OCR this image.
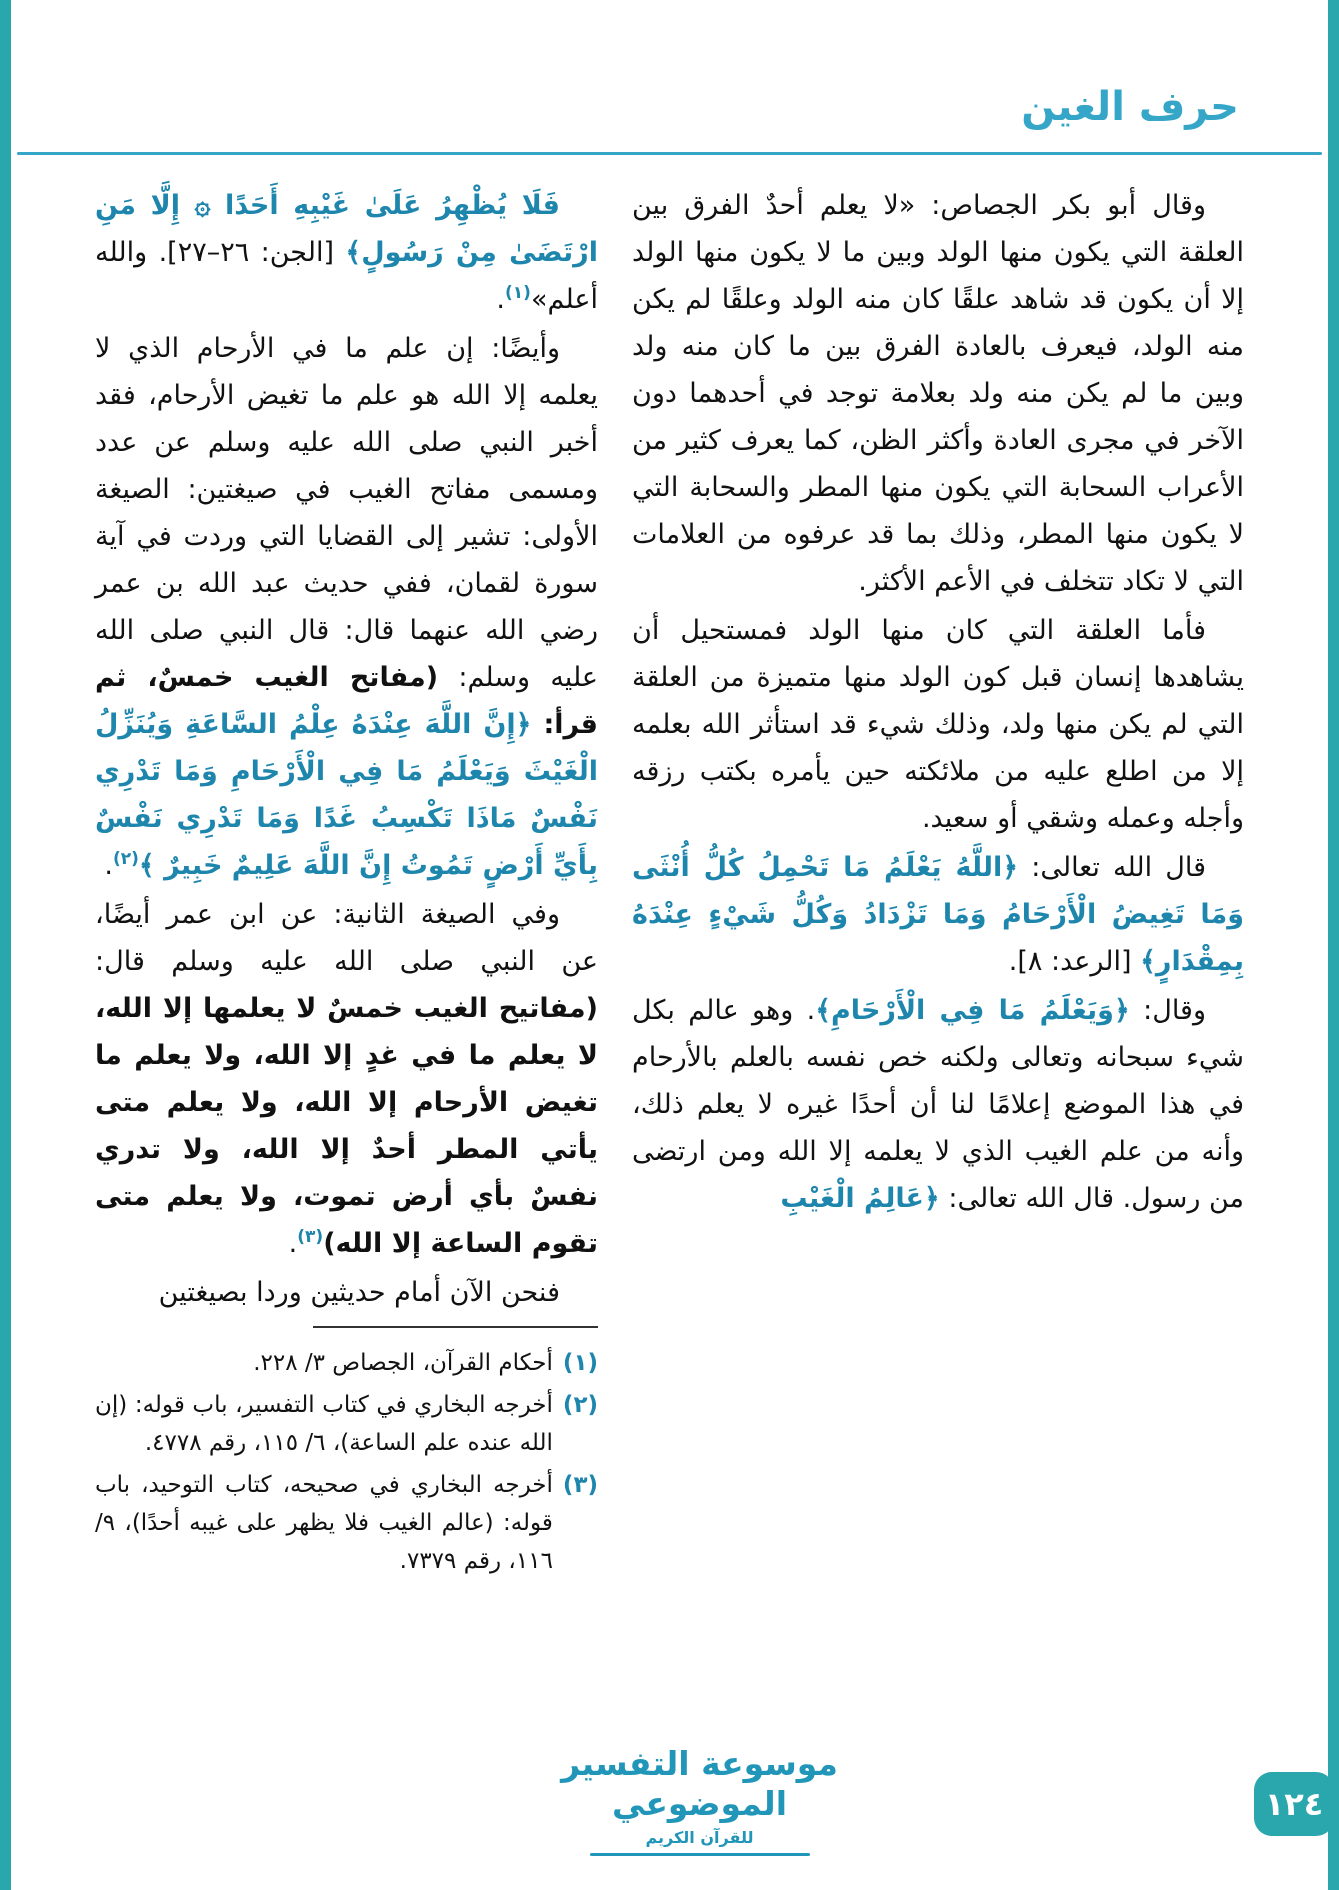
حرف الغين

وقال أبو بكر الجصاص: «لا يعلم أحدٌ الفرق بين العلقة التي يكون منها الولد وبين ما لا يكون منها الولد إلا أن يكون قد شاهد علقًا كان منه الولد وعلقًا لم يكن منه الولد، فيعرف بالعادة الفرق بين ما كان منه ولد وبين ما لم يكن منه ولد بعلامة توجد في أحدهما دون الآخر في مجرى العادة وأكثر الظن، كما يعرف كثير من الأعراب السحابة التي يكون منها المطر والسحابة التي لا يكون منها المطر، وذلك بما قد عرفوه من العلامات التي لا تكاد تتخلف في الأعم الأكثر.

فأما العلقة التي كان منها الولد فمستحيل أن يشاهدها إنسان قبل كون الولد منها متميزة من العلقة التي لم يكن منها ولد، وذلك شيء قد استأثر الله بعلمه إلا من اطلع عليه من ملائكته حين يأمره بكتب رزقه وأجله وعمله وشقي أو سعيد.

قال الله تعالى: ﴿اللَّهُ يَعْلَمُ مَا تَحْمِلُ كُلُّ أُنْثَى وَمَا تَغِيضُ الْأَرْحَامُ وَمَا تَزْدَادُ وَكُلُّ شَيْءٍ عِنْدَهُ بِمِقْدَارٍ﴾ [الرعد: ٨].

وقال: ﴿وَيَعْلَمُ مَا فِي الْأَرْحَامِ﴾. وهو عالم بكل شيء سبحانه وتعالى ولكنه خص نفسه بالعلم بالأرحام في هذا الموضع إعلامًا لنا أن أحدًا غيره لا يعلم ذلك، وأنه من علم الغيب الذي لا يعلمه إلا الله ومن ارتضى من رسول. قال الله تعالى: ﴿عَالِمُ الْغَيْبِ

فَلَا يُظْهِرُ عَلَىٰ غَيْبِهِ أَحَدًا ۞ إِلَّا مَنِ ارْتَضَىٰ مِنْ رَسُولٍ﴾ [الجن: ٢٦–٢٧]. والله أعلم»$^{(١)}$.

وأيضًا: إن علم ما في الأرحام الذي لا يعلمه إلا الله هو علم ما تغيض الأرحام، فقد أخبر النبي صلى الله عليه وسلم عن عدد ومسمى مفاتح الغيب في صيغتين: الصيغة الأولى: تشير إلى القضايا التي وردت في آية سورة لقمان، ففي حديث عبد الله بن عمر رضي الله عنهما قال: قال النبي صلى الله عليه وسلم: (مفاتح الغيب خمسٌ، ثم قرأ: ﴿إِنَّ اللَّهَ عِنْدَهُ عِلْمُ السَّاعَةِ وَيُنَزِّلُ الْغَيْثَ وَيَعْلَمُ مَا فِي الْأَرْحَامِ وَمَا تَدْرِي نَفْسٌ مَاذَا تَكْسِبُ غَدًا وَمَا تَدْرِي نَفْسٌ بِأَيِّ أَرْضٍ تَمُوتُ إِنَّ اللَّهَ عَلِيمٌ خَبِيرٌ ﴾$^{(٢)}$.

وفي الصيغة الثانية: عن ابن عمر أيضًا، عن النبي صلى الله عليه وسلم قال: (مفاتيح الغيب خمسٌ لا يعلمها إلا الله، لا يعلم ما في غدٍ إلا الله، ولا يعلم ما تغيض الأرحام إلا الله، ولا يعلم متى يأتي المطر أحدٌ إلا الله، ولا تدري نفسٌ بأي أرض تموت، ولا يعلم متى تقوم الساعة إلا الله)$^{(٣)}$.

فنحن الآن أمام حديثين وردا بصيغتين

(١)
أحكام القرآن، الجصاص ٣/ ٢٢٨.
(٢)
أخرجه البخاري في كتاب التفسير، باب قوله: (إن الله عنده علم الساعة)، ٦/ ١١٥، رقم ٤٧٧٨.
(٣)
أخرجه البخاري في صحيحه، كتاب التوحيد، باب قوله: (عالم الغيب فلا يظهر على غيبه أحدًا)، ٩/ ١١٦، رقم ٧٣٧٩.
موسوعة التفسير الموضوعي
للقرآن الكريم
١٢٤
